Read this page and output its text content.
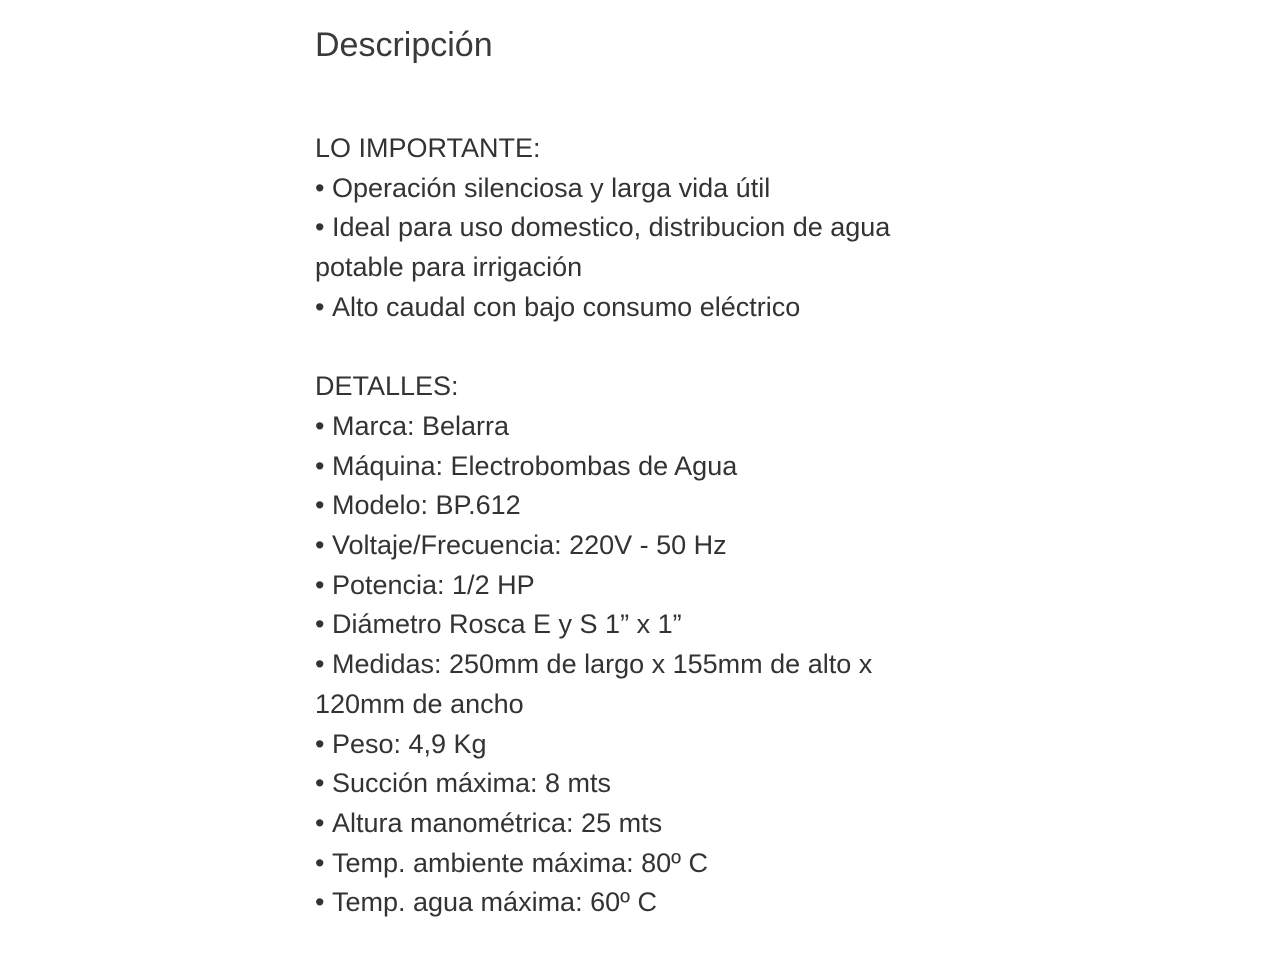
Descripción

LO IMPORTANTE:

• Operación silenciosa y larga vida útil
• Ideal para uso domestico, distribucion de agua potable para irrigación
• Alto caudal con bajo consumo eléctrico

DETALLES:

• Marca: Belarra
• Máquina: Electrobombas de Agua
• Modelo: BP.612
• Voltaje/Frecuencia: 220V - 50 Hz
• Potencia: 1/2 HP
• Diámetro Rosca E y S 1” x 1”
• Medidas: 250mm de largo x 155mm de alto x 120mm de ancho
• Peso: 4,9 Kg
• Succión máxima: 8 mts
• Altura manométrica: 25 mts
• Temp. ambiente máxima: 80º C
• Temp. agua máxima: 60º C
